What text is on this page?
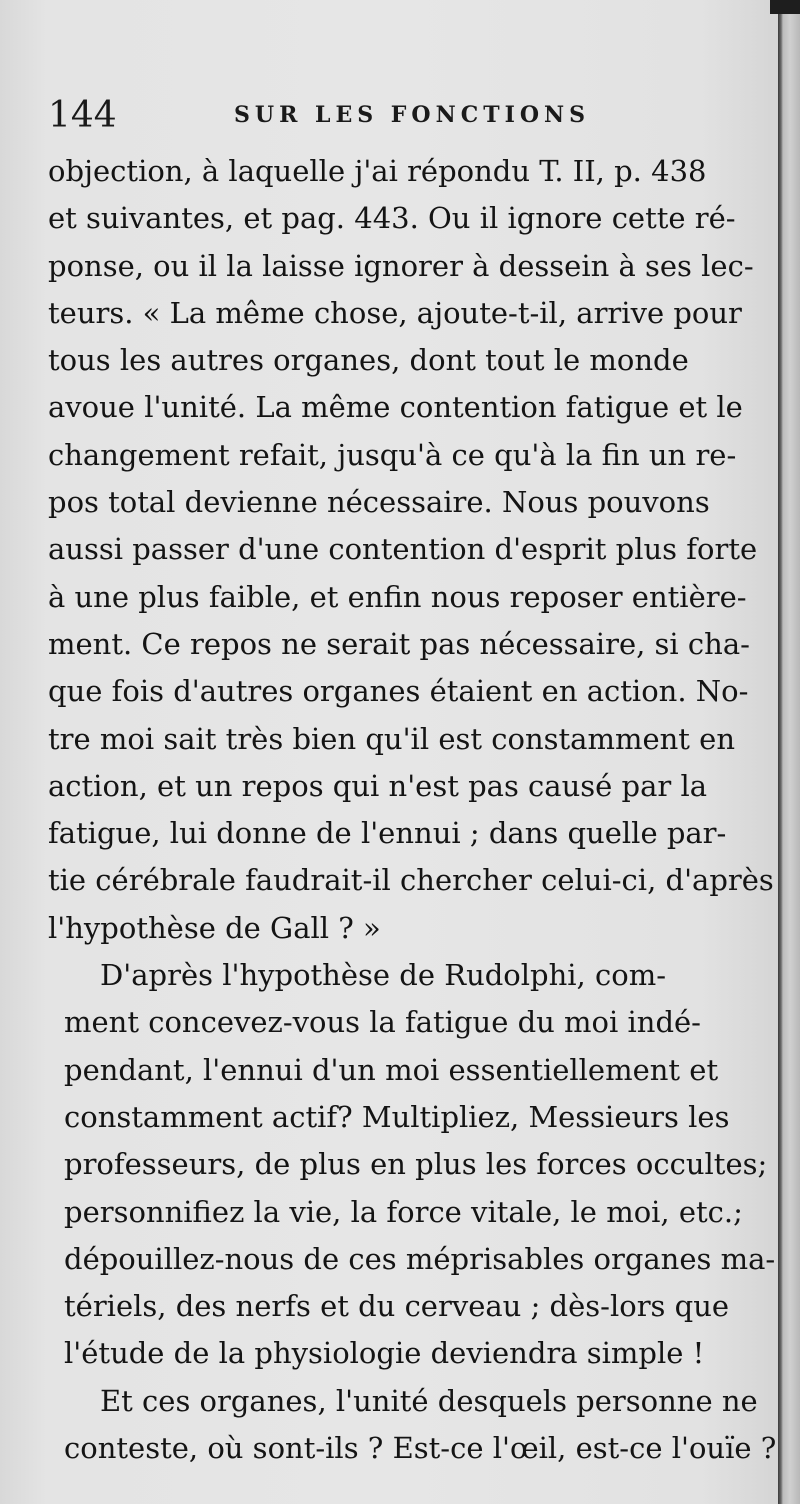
144	SUR LES FONCTIONS
objection, à laquelle j'ai répondu T. II, p. 438
et suivantes, et pag. 443. Ou il ignore cette ré-
ponse, ou il la laisse ignorer à dessein à ses lec-
teurs. « La même chose, ajoute-t-il, arrive pour
tous les autres organes, dont tout le monde
avoue l'unité. La même contention fatigue et le
changement refait, jusqu'à ce qu'à la fin un re-
pos total devienne nécessaire. Nous pouvons
aussi passer d'une contention d'esprit plus forte
à une plus faible, et enfin nous reposer entière-
ment. Ce repos ne serait pas nécessaire, si cha-
que fois d'autres organes étaient en action. No-
tre moi sait très bien qu'il est constamment en
action, et un repos qui n'est pas causé par la
fatigue, lui donne de l'ennui ; dans quelle par-
tie cérébrale faudrait-il chercher celui-ci, d'après
l'hypothèse de Gall ? »
D'après l'hypothèse de Rudolphi, com-
ment concevez-vous la fatigue du moi indé-
pendant, l'ennui d'un moi essentiellement et
constamment actif? Multipliez, Messieurs les
professeurs, de plus en plus les forces occultes;
personnifiez la vie, la force vitale, le moi, etc.;
dépouillez-nous de ces méprisables organes ma-
tériels, des nerfs et du cerveau ; dès-lors que
l'étude de la physiologie deviendra simple !
Et ces organes, l'unité desquels personne ne
conteste, où sont-ils ? Est-ce l'œil, est-ce l'ouïe ?
